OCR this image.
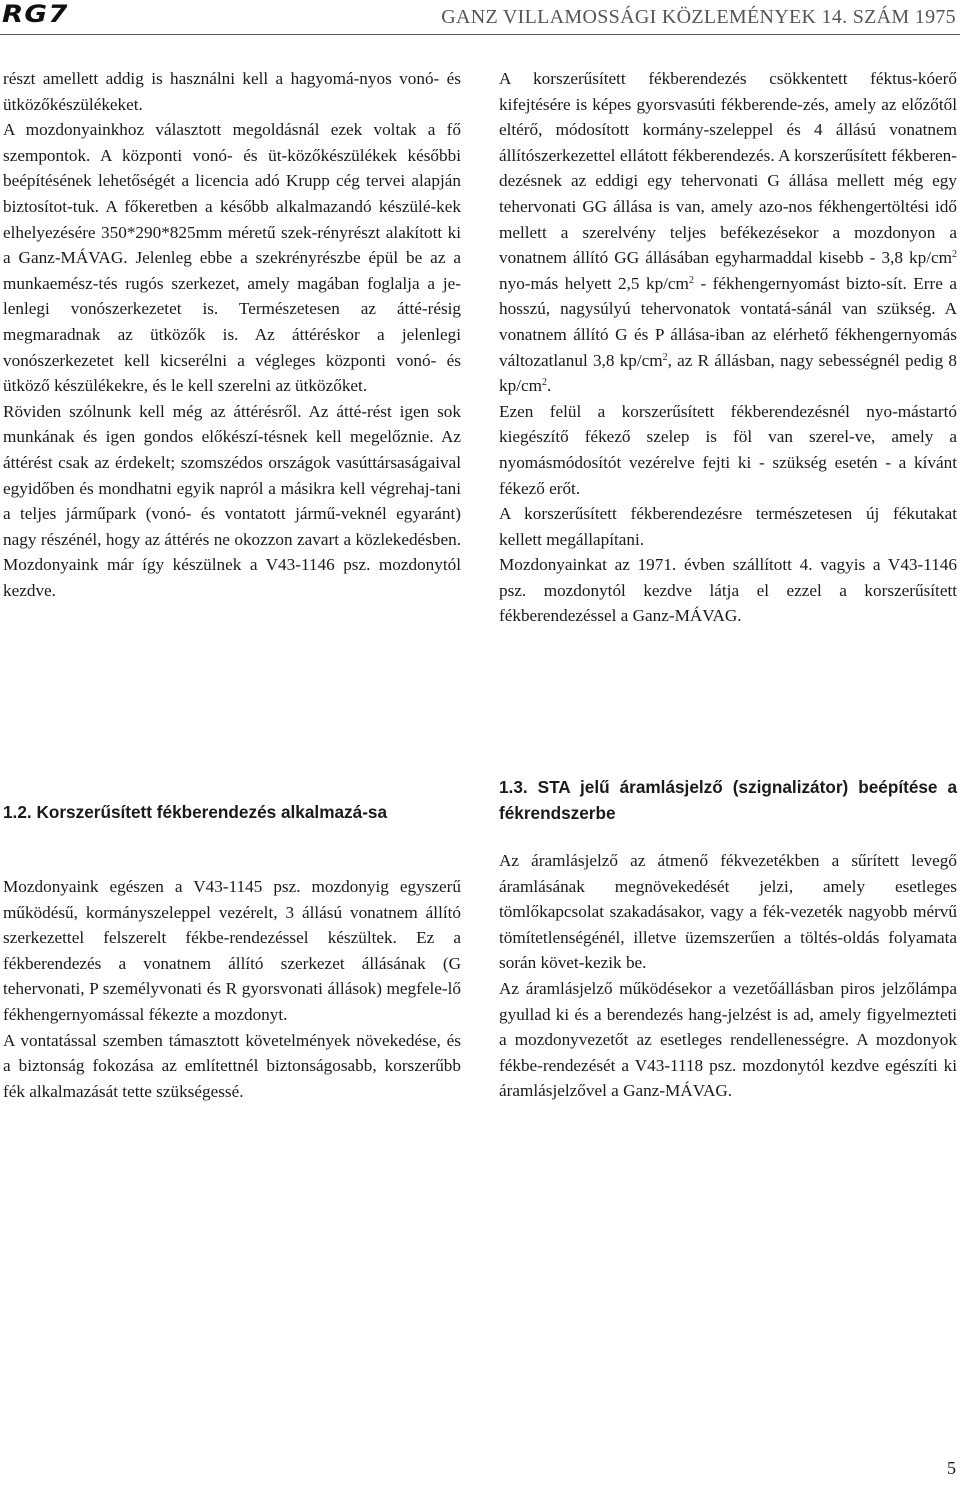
RG7	GANZ VILLAMOSSÁGI KÖZLEMÉNYEK 14. SZÁM 1975

részt amellett addig is használni kell a hagyomá-nyos vonó- és ütközőkészülékeket.

A mozdonyainkhoz választott megoldásnál ezek voltak a fő szempontok. A központi vonó- és üt-közőkészülékek későbbi beépítésének lehetőségét a licencia adó Krupp cég tervei alapján biztosítot-tuk. A főkeretben a később alkalmazandó készülé-kek elhelyezésére 350*290*825mm méretű szek-rényrészt alakított ki a Ganz-MÁVAG. Jelenleg ebbe a szekrényrészbe épül be az a munkaemész-tés rugós szerkezet, amely magában foglalja a je-lenlegi vonószerkezetet is. Természetesen az átté-résig megmaradnak az ütközők is. Az áttéréskor a jelenlegi vonószerkezetet kell kicserélni a végleges központi vonó- és ütköző készülékekre, és le kell szerelni az ütközőket.

Röviden szólnunk kell még az áttérésről. Az átté-rést igen sok munkának és igen gondos előkészí-tésnek kell megelőznie. Az áttérést csak az érdekelt; szomszédos országok vasúttársaságaival egyidőben és mondhatni egyik napról a másikra kell végrehaj-tani a teljes járműpark (vonó- és vontatott jármű-veknél egyaránt) nagy részénél, hogy az áttérés ne okozzon zavart a közlekedésben. Mozdonyaink már így készülnek a V43-1146 psz. mozdonytól kezdve.

1.2. Korszerűsített fékberendezés alkalmazá-sa

Mozdonyaink egészen a V43-1145 psz. mozdonyig egyszerű működésű, kormányszeleppel vezérelt, 3 állású vonatnem állító szerkezettel felszerelt fékbe-rendezéssel készültek. Ez a fékberendezés a vonatnem állító szerkezet állásának (G tehervonati, P személyvonati és R gyorsvonati állások) megfele-lő fékhengernyomással fékezte a mozdonyt.

A vontatással szemben támasztott követelmények növekedése, és a biztonság fokozása az említettnél biztonságosabb, korszerűbb fék alkalmazását tette szükségessé.

A korszerűsített fékberendezés csökkentett féktus-kóerő kifejtésére is képes gyorsvasúti fékberende-zés, amely az előzőtől eltérő, módosított kormány-szeleppel és 4 állású vonatnem állítószerkezettel ellátott fékberendezés. A korszerűsített fékberen-dezésnek az eddigi egy tehervonati G állása mellett még egy tehervonati GG állása is van, amely azo-nos fékhengertöltési idő mellett a szerelvény teljes befékezésekor a mozdonyon a vonatnem állító GG állásában egyharmaddal kisebb - 3,8 $kp/cm^2$ nyo-más helyett 2,5 $kp/cm^2$ - fékhengernyomást bizto-sít. Erre a hosszú, nagysúlyú tehervonatok vontatá-sánál van szükség. A vonatnem állító G és P állása-iban az elérhető fékhengernyomás változatlanul 3,8 $kp/cm^2$, az R állásban, nagy sebességnél pedig 8 $kp/cm^2$.

Ezen felül a korszerűsített fékberendezésnél nyo-mástartó kiegészítő fékező szelep is föl van szerel-ve, amely a nyomásmódosítót vezérelve fejti ki - szükség esetén - a kívánt fékező erőt.

A korszerűsített fékberendezésre természetesen új fékutakat kellett megállapítani.

Mozdonyainkat az 1971. évben szállított 4. vagyis a V43-1146 psz. mozdonytól kezdve látja el ezzel a korszerűsített fékberendezéssel a Ganz-MÁVAG.

1.3. STA jelű áramlásjelző (szignalizátor) beépítése a fékrendszerbe

Az áramlásjelző az átmenő fékvezetékben a sűrített levegő áramlásának megnövekedését jelzi, amely esetleges tömlőkapcsolat szakadásakor, vagy a fék-vezeték nagyobb mérvű tömítetlenségénél, illetve üzemszerűen a töltés-oldás folyamata során követ-kezik be.

Az áramlásjelző működésekor a vezetőállásban piros jelzőlámpa gyullad ki és a berendezés hang-jelzést is ad, amely figyelmezteti a mozdonyvezetőt az esetleges rendellenességre. A mozdonyok fékbe-rendezését a V43-1118 psz. mozdonytól kezdve egészíti ki áramlásjelzővel a Ganz-MÁVAG.

5
